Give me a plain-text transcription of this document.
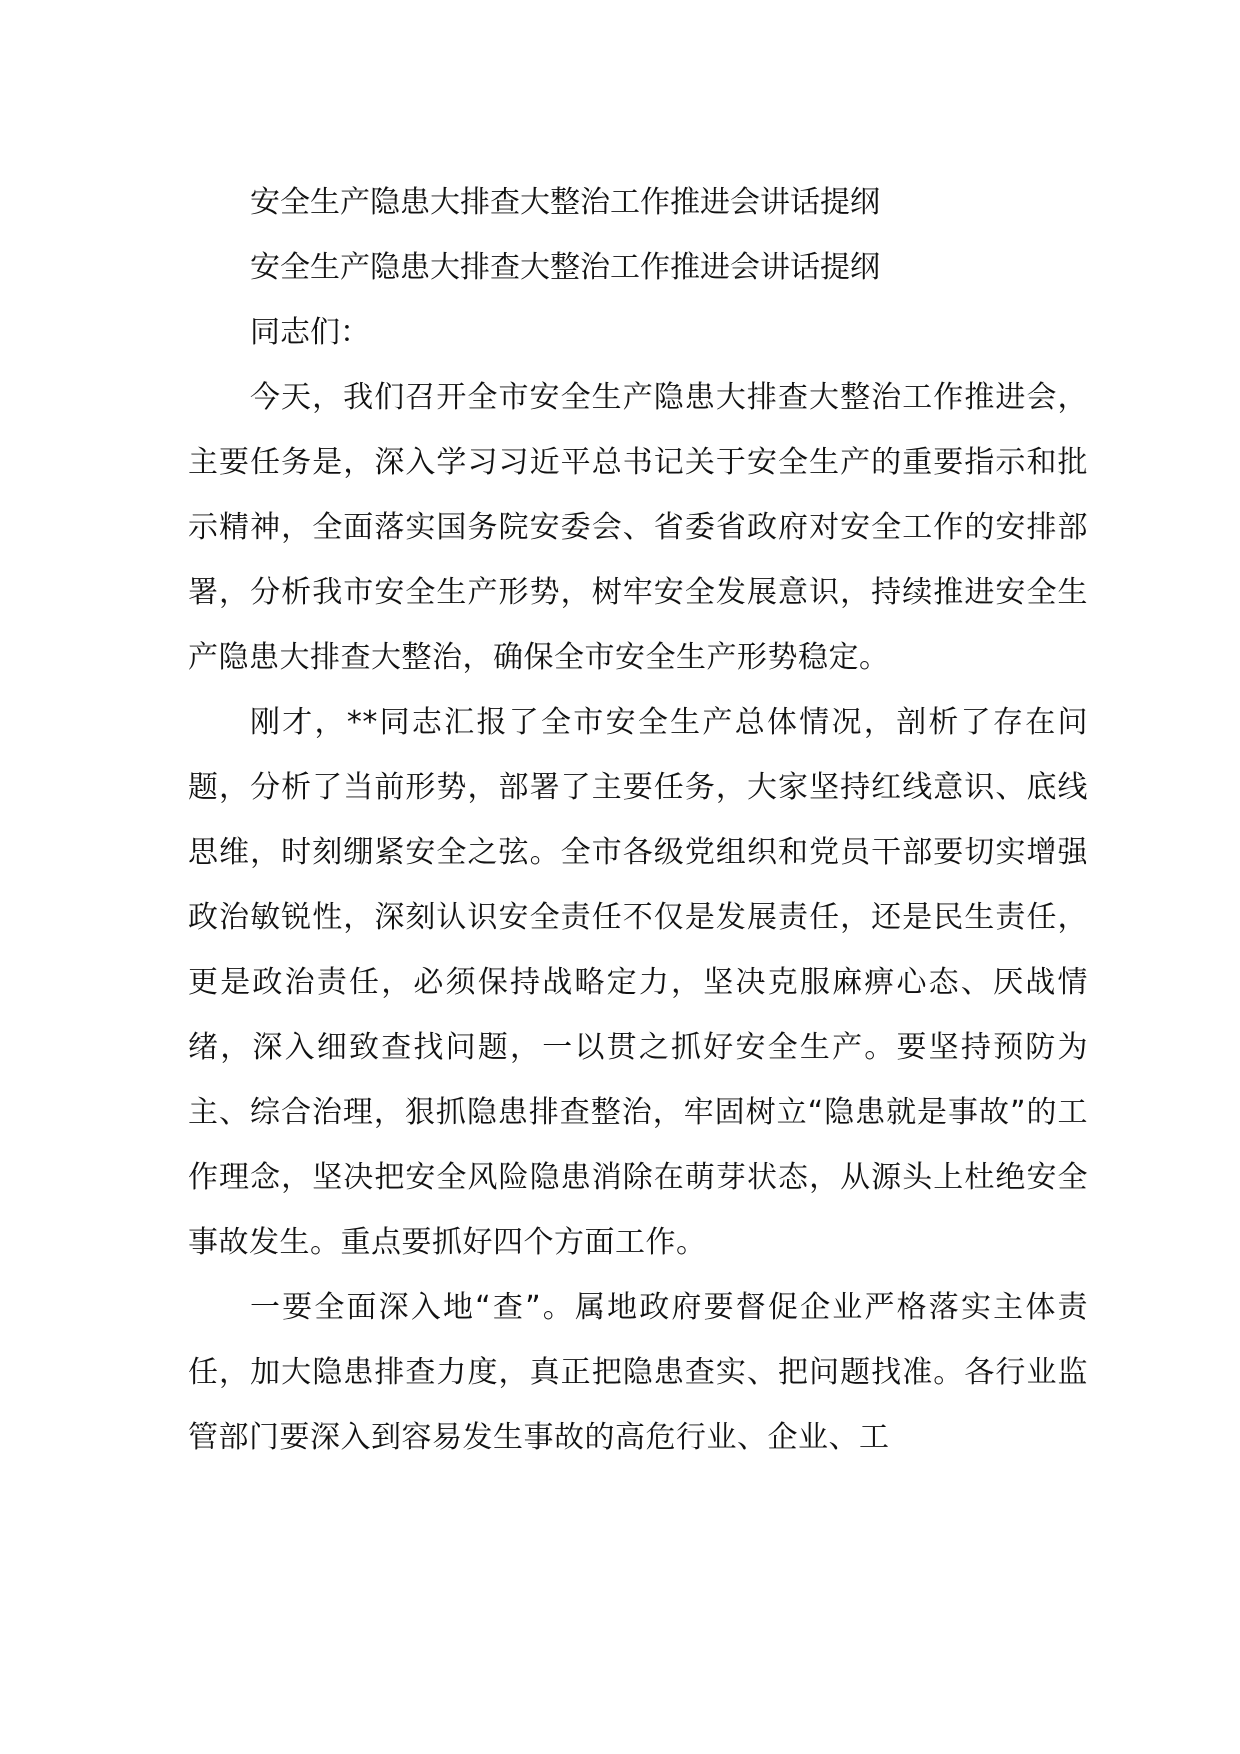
安全生产隐患大排查大整治工作推进会讲话提纲

安全生产隐患大排查大整治工作推进会讲话提纲

同志们：

今天，我们召开全市安全生产隐患大排查大整治工作推进会，主要任务是，深入学习习近平总书记关于安全生产的重要指示和批示精神，全面落实国务院安委会、省委省政府对安全工作的安排部署，分析我市安全生产形势，树牢安全发展意识，持续推进安全生产隐患大排查大整治，确保全市安全生产形势稳定。

刚才，**同志汇报了全市安全生产总体情况，剖析了存在问题，分析了当前形势，部署了主要任务，大家坚持红线意识、底线思维，时刻绷紧安全之弦。全市各级党组织和党员干部要切实增强政治敏锐性，深刻认识安全责任不仅是发展责任，还是民生责任，更是政治责任，必须保持战略定力，坚决克服麻痹心态、厌战情绪，深入细致查找问题，一以贯之抓好安全生产。要坚持预防为主、综合治理，狠抓隐患排查整治，牢固树立“隐患就是事故”的工作理念，坚决把安全风险隐患消除在萌芽状态，从源头上杜绝安全事故发生。重点要抓好四个方面工作。

一要全面深入地“查”。属地政府要督促企业严格落实主体责任，加大隐患排查力度，真正把隐患查实、把问题找准。各行业监管部门要深入到容易发生事故的高危行业、企业、工
